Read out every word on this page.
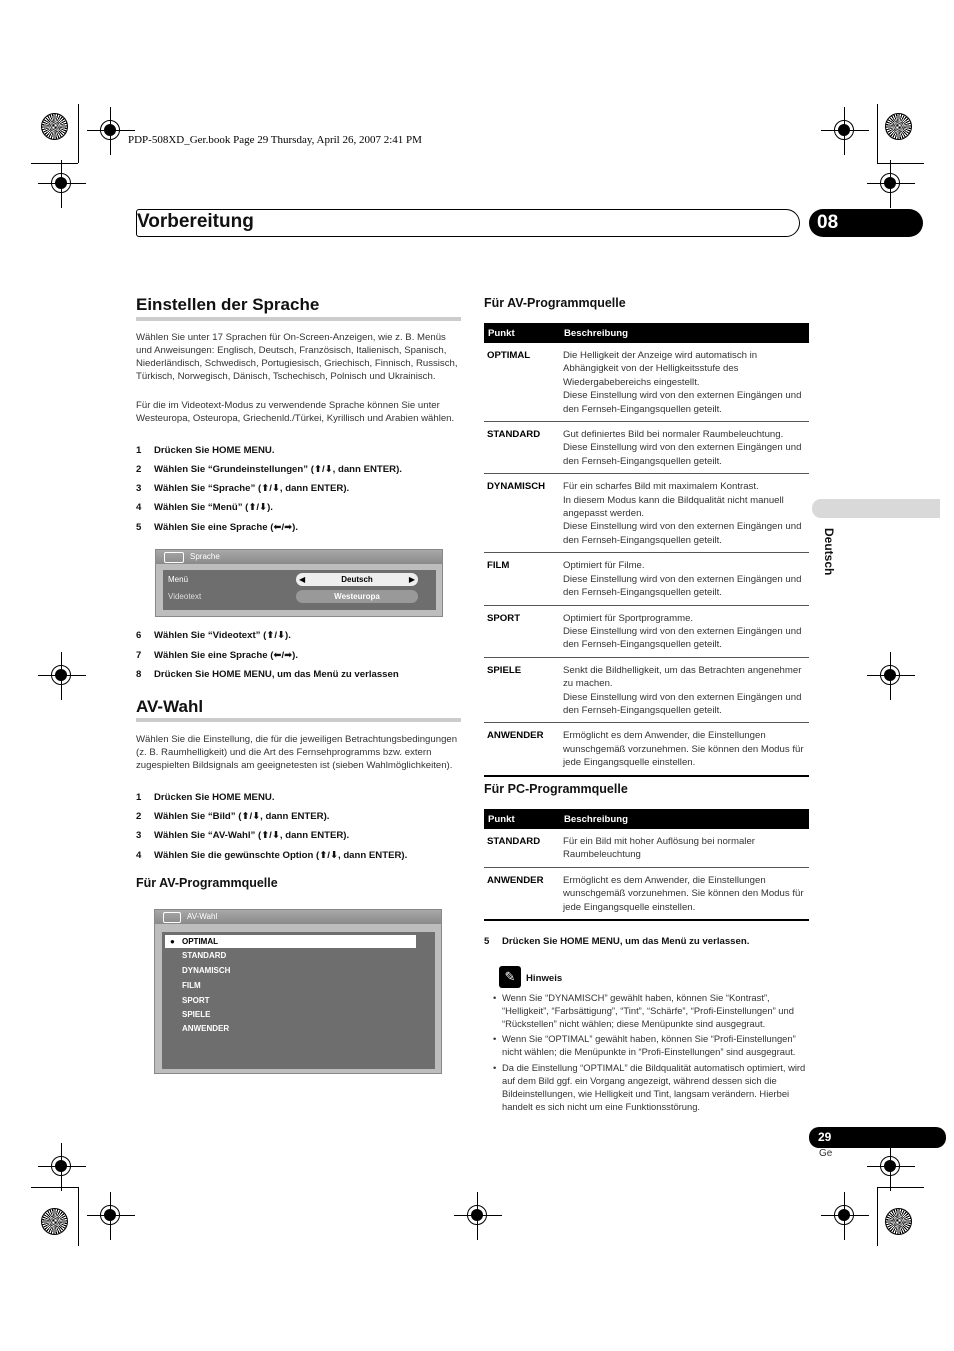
PDP-508XD_Ger.book Page 29 Thursday, April 26, 2007 2:41 PM
Vorbereitung	08
Deutsch
Einstellen der Sprache
Wählen Sie unter 17 Sprachen für On-Screen-Anzeigen, wie z. B. Menüs und Anweisungen: Englisch, Deutsch, Französisch, Italienisch, Spanisch, Niederländisch, Schwedisch, Portugiesisch, Griechisch, Finnisch, Russisch, Türkisch, Norwegisch, Dänisch, Tschechisch, Polnisch und Ukrainisch.
Für die im Videotext-Modus zu verwendende Sprache können Sie unter Westeuropa, Osteuropa, Griechenld./Türkei, Kyrillisch und Arabien wählen.
1 Drücken Sie HOME MENU.
2 Wählen Sie “Grundeinstellungen” (⬆/⬇, dann ENTER).
3 Wählen Sie “Sprache” (⬆/⬇, dann ENTER).
4 Wählen Sie “Menü” (⬆/⬇).
5 Wählen Sie eine Sprache (⬅/➡).
Sprache
Menü	Deutsch
◀	▶
Videotext	Westeuropa
6 Wählen Sie “Videotext” (⬆/⬇).
7 Wählen Sie eine Sprache (⬅/➡).
8 Drücken Sie HOME MENU, um das Menü zu verlassen
AV-Wahl
Wählen Sie die Einstellung, die für die jeweiligen Betrachtungsbedingungen (z. B. Raumhelligkeit) und die Art des Fernsehprogramms bzw. extern zugespielten Bildsignals am geeignetesten ist (sieben Wahlmöglichkeiten).
1 Drücken Sie HOME MENU.
2 Wählen Sie “Bild” (⬆/⬇, dann ENTER).
3 Wählen Sie “AV-Wahl” (⬆/⬇, dann ENTER).
4 Wählen Sie die gewünschte Option (⬆/⬇, dann ENTER).
Für AV-Programmquelle
AV-Wahl
● OPTIMAL
STANDARD
DYNAMISCH
FILM
SPORT
SPIELE
ANWENDER
Für AV-Programmquelle
Punkt	Beschreibung
OPTIMAL	Die Helligkeit der Anzeige wird automatisch in Abhängigkeit von der Helligkeitsstufe des Wiedergabebereichs eingestellt.
Diese Einstellung wird von den externen Eingängen und den Fernseh-Eingangsquellen geteilt.
STANDARD	Gut definiertes Bild bei normaler Raumbeleuchtung.
Diese Einstellung wird von den externen Eingängen und den Fernseh-Eingangsquellen geteilt.
DYNAMISCH	Für ein scharfes Bild mit maximalem Kontrast.
In diesem Modus kann die Bildqualität nicht manuell angepasst werden.
Diese Einstellung wird von den externen Eingängen und den Fernseh-Eingangsquellen geteilt.
FILM	Optimiert für Filme.
Diese Einstellung wird von den externen Eingängen und den Fernseh-Eingangsquellen geteilt.
SPORT	Optimiert für Sportprogramme.
Diese Einstellung wird von den externen Eingängen und den Fernseh-Eingangsquellen geteilt.
SPIELE	Senkt die Bildhelligkeit, um das Betrachten angenehmer zu machen.
Diese Einstellung wird von den externen Eingängen und den Fernseh-Eingangsquellen geteilt.
ANWENDER	Ermöglicht es dem Anwender, die Einstellungen wunschgemäß vorzunehmen. Sie können den Modus für jede Eingangsquelle einstellen.
Für PC-Programmquelle
Punkt	Beschreibung
STANDARD	Für ein Bild mit hoher Auflösung bei normaler Raumbeleuchtung
ANWENDER	Ermöglicht es dem Anwender, die Einstellungen wunschgemäß vorzunehmen. Sie können den Modus für jede Eingangsquelle einstellen.
5 Drücken Sie HOME MENU, um das Menü zu verlassen.
✎	Hinweis
• Wenn Sie “DYNAMISCH” gewählt haben, können Sie “Kontrast”, “Helligkeit”, “Farbsättigung”, “Tint”, “Schärfe”, “Profi-Einstellungen” und “Rückstellen” nicht wählen; diese Menüpunkte sind ausgegraut.
• Wenn Sie “OPTIMAL” gewählt haben, können Sie “Profi-Einstellungen” nicht wählen; die Menüpunkte in “Profi-Einstellungen” sind ausgegraut.
• Da die Einstellung “OPTIMAL” die Bildqualität automatisch optimiert, wird auf dem Bild ggf. ein Vorgang angezeigt, während dessen sich die Bildeinstellungen, wie Helligkeit und Tint, langsam verändern. Hierbei handelt es sich nicht um eine Funktionsstörung.
29
Ge
